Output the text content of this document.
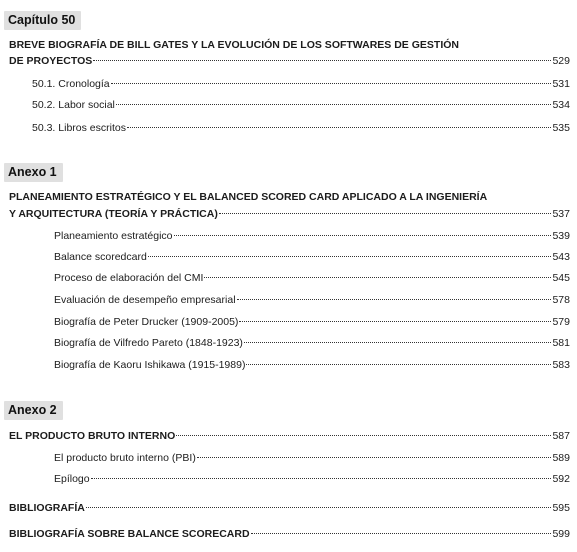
Capítulo 50
BREVE BIOGRAFÍA DE BILL GATES Y LA EVOLUCIÓN DE LOS SOFTWARES DE GESTIÓN
DE PROYECTOS	529
50.1. Cronología	531
50.2. Labor social	534
50.3. Libros escritos	535
Anexo 1
PLANEAMIENTO ESTRATÉGICO Y EL BALANCED SCORED CARD APLICADO A LA INGENIERÍA
Y ARQUITECTURA (TEORÍA Y PRÁCTICA)	537
Planeamiento estratégico	539
Balance scoredcard	543
Proceso de elaboración del CMI	545
Evaluación de desempeño empresarial	578
Biografía de Peter Drucker (1909-2005)	579
Biografía de Vilfredo Pareto (1848-1923)	581
Biografía de Kaoru Ishikawa (1915-1989)	583
Anexo 2
EL PRODUCTO BRUTO INTERNO	587
El producto bruto interno (PBI)	589
Epílogo	592
BIBLIOGRAFÍA	595
BIBLIOGRAFÍA SOBRE BALANCE SCORECARD	599
